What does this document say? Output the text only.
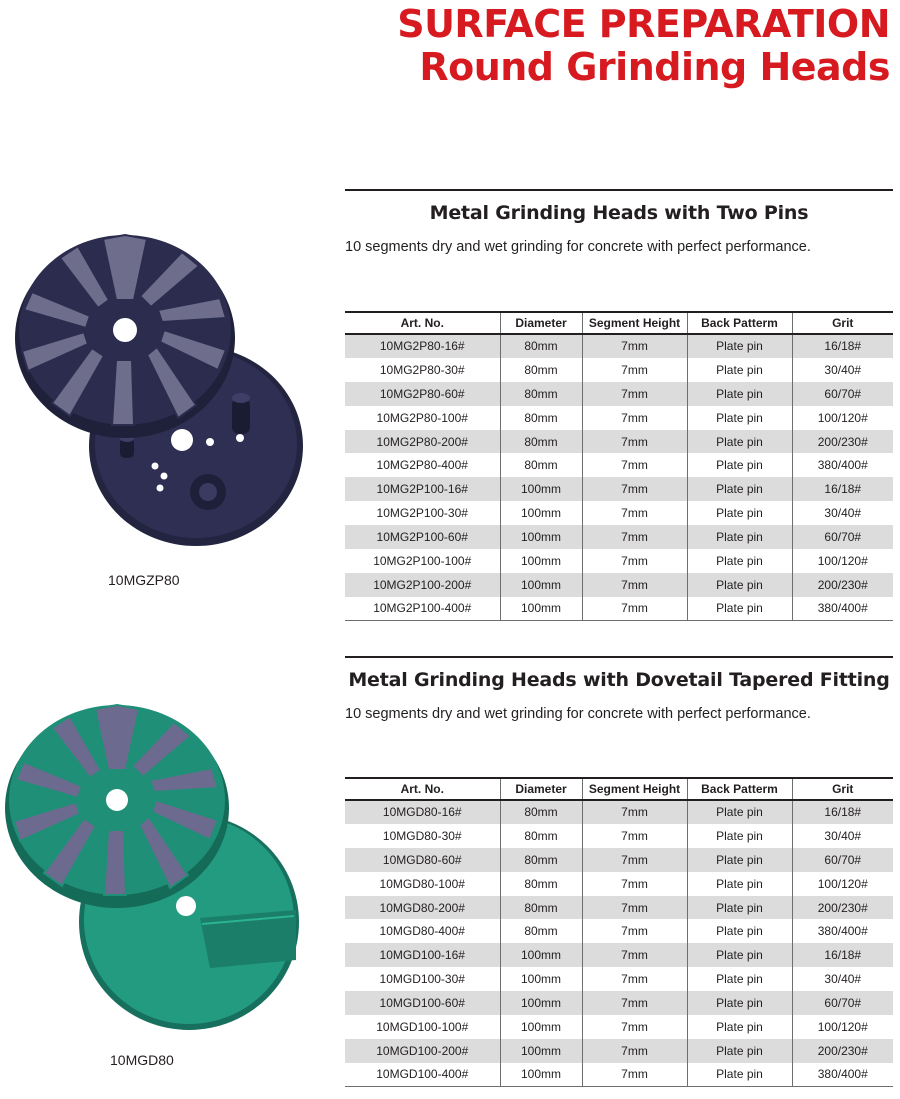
SURFACE PREPARATION
Round Grinding Heads
10MGZP80
Metal Grinding Heads with Two Pins
10 segments dry and wet grinding for concrete with perfect performance.
Art. No.	Diameter	Segment Height	Back Patterm	Grit
10MG2P80-16#	80mm	7mm	Plate pin	16/18#
10MG2P80-30#	80mm	7mm	Plate pin	30/40#
10MG2P80-60#	80mm	7mm	Plate pin	60/70#
10MG2P80-100#	80mm	7mm	Plate pin	100/120#
10MG2P80-200#	80mm	7mm	Plate pin	200/230#
10MG2P80-400#	80mm	7mm	Plate pin	380/400#
10MG2P100-16#	100mm	7mm	Plate pin	16/18#
10MG2P100-30#	100mm	7mm	Plate pin	30/40#
10MG2P100-60#	100mm	7mm	Plate pin	60/70#
10MG2P100-100#	100mm	7mm	Plate pin	100/120#
10MG2P100-200#	100mm	7mm	Plate pin	200/230#
10MG2P100-400#	100mm	7mm	Plate pin	380/400#
10MGD80
Metal Grinding Heads with Dovetail Tapered Fitting
10 segments dry and wet grinding for concrete with perfect performance.
Art. No.	Diameter	Segment Height	Back Patterm	Grit
10MGD80-16#	80mm	7mm	Plate pin	16/18#
10MGD80-30#	80mm	7mm	Plate pin	30/40#
10MGD80-60#	80mm	7mm	Plate pin	60/70#
10MGD80-100#	80mm	7mm	Plate pin	100/120#
10MGD80-200#	80mm	7mm	Plate pin	200/230#
10MGD80-400#	80mm	7mm	Plate pin	380/400#
10MGD100-16#	100mm	7mm	Plate pin	16/18#
10MGD100-30#	100mm	7mm	Plate pin	30/40#
10MGD100-60#	100mm	7mm	Plate pin	60/70#
10MGD100-100#	100mm	7mm	Plate pin	100/120#
10MGD100-200#	100mm	7mm	Plate pin	200/230#
10MGD100-400#	100mm	7mm	Plate pin	380/400#
